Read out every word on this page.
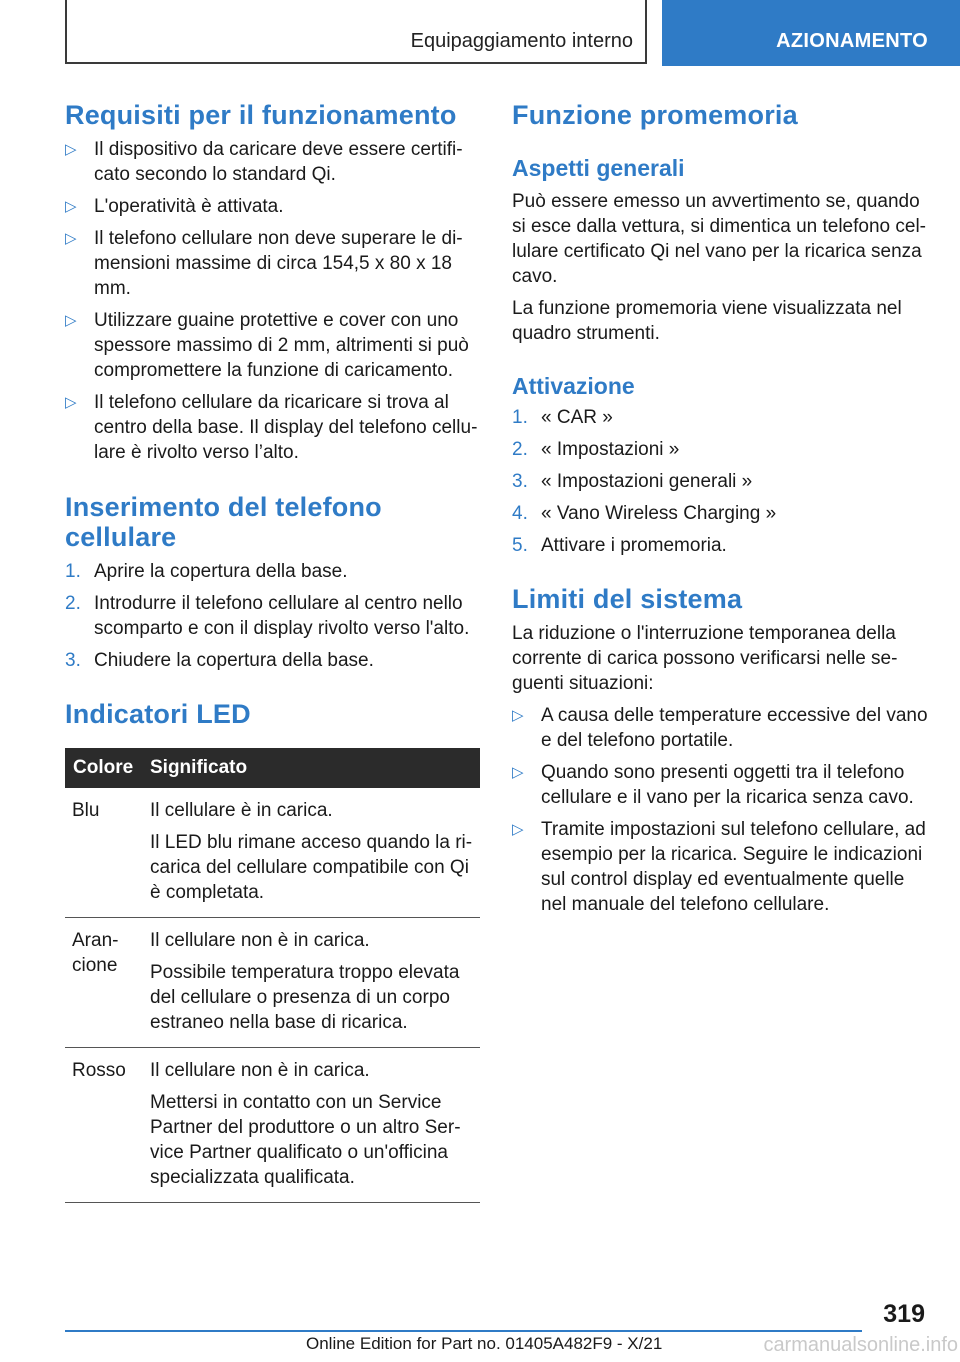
Equipaggiamento interno	AZIONAMENTO
Requisiti per il funzionamento
▷ Il dispositivo da caricare deve essere certificato secondo lo standard Qi.
▷ L'operatività è attivata.
▷ Il telefono cellulare non deve superare le dimensioni massime di circa 154,5 x 80 x 18 mm.
▷ Utilizzare guaine protettive e cover con uno spessore massimo di 2 mm, altrimenti si può compromettere la funzione di caricamento.
▷ Il telefono cellulare da ricaricare si trova al centro della base. Il display del telefono cellulare è rivolto verso l’alto.
Inserimento del telefono cellulare
1. Aprire la copertura della base.
2. Introdurre il telefono cellulare al centro nello scomparto e con il display rivolto verso l'alto.
3. Chiudere la copertura della base.
Indicatori LED
Colore	Significato
Blu	Il cellulare è in carica.

Il LED blu rimane acceso quando la ricarica del cellulare compatibile con Qi è completata.

Arancione	Il cellulare non è in carica.

Possibile temperatura troppo elevata del cellulare o presenza di un corpo estraneo nella base di ricarica.

Rosso	Il cellulare non è in carica.

Mettersi in contatto con un Service Partner del produttore o un altro Service Partner qualificato o un'officina specializzata qualificata.

Funzione promemoria
Aspetti generali

Può essere emesso un avvertimento se, quando si esce dalla vettura, si dimentica un telefono cellulare certificato Qi nel vano per la ricarica senza cavo.

La funzione promemoria viene visualizzata nel quadro strumenti.

Attivazione
1. « CAR »
2. « Impostazioni »
3. « Impostazioni generali »
4. « Vano Wireless Charging »
5. Attivare i promemoria.
Limiti del sistema

La riduzione o l'interruzione temporanea della corrente di carica possono verificarsi nelle seguenti situazioni:

▷ A causa delle temperature eccessive del vano e del telefono portatile.
▷ Quando sono presenti oggetti tra il telefono cellulare e il vano per la ricarica senza cavo.
▷ Tramite impostazioni sul telefono cellulare, ad esempio per la ricarica. Seguire le indicazioni sul control display ed eventualmente quelle nel manuale del telefono cellulare.
319
Online Edition for Part no. 01405A482F9 - X/21	carmanualsonline.info
